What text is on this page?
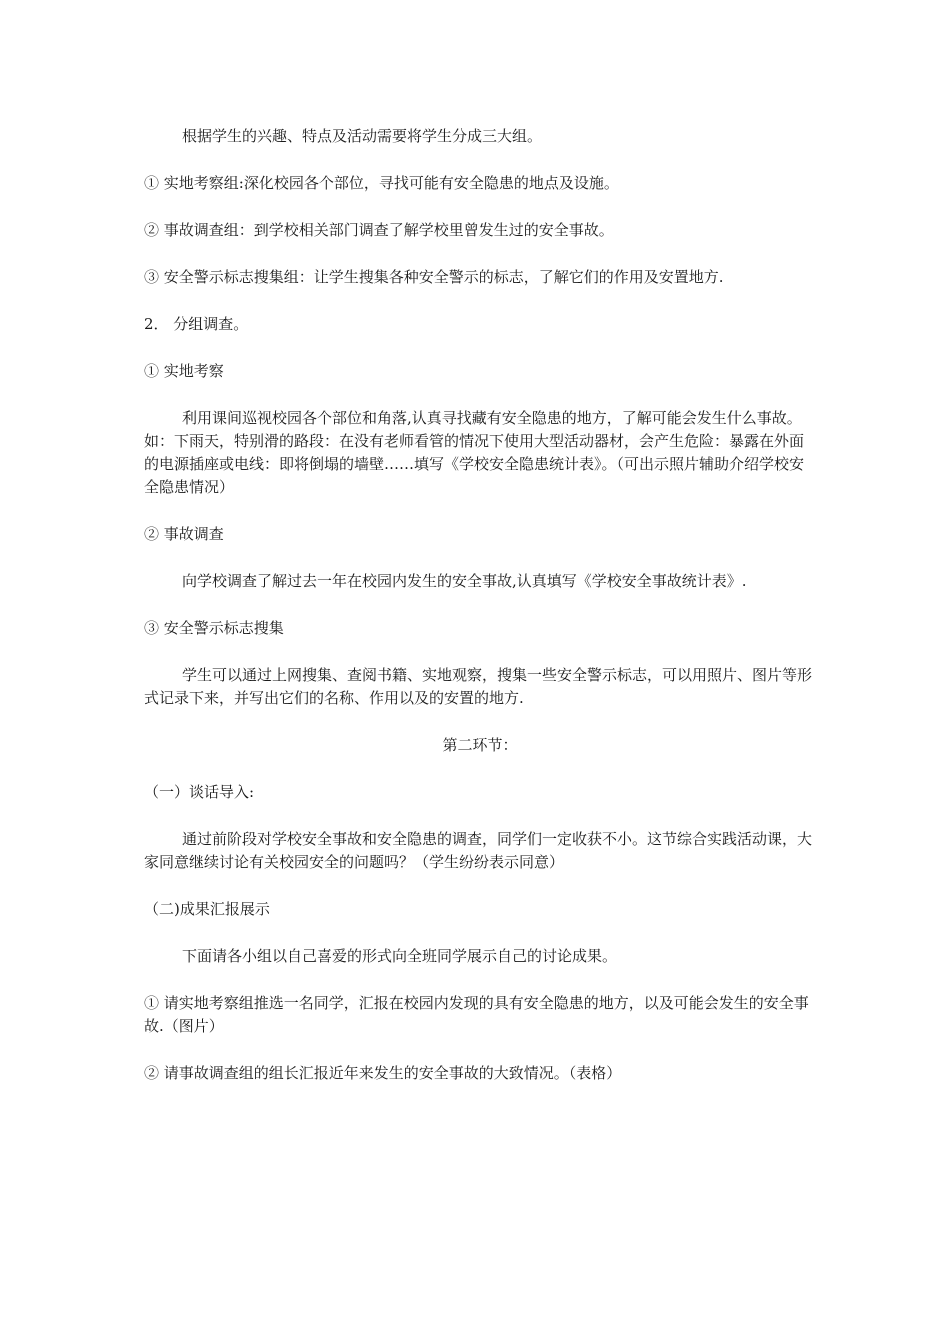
根据学生的兴趣、特点及活动需要将学生分成三大组。

① 实地考察组:深化校园各个部位，寻找可能有安全隐患的地点及设施。

② 事故调查组：到学校相关部门调查了解学校里曾发生过的安全事故。

③ 安全警示标志搜集组：让学生搜集各种安全警示的标志，了解它们的作用及安置地方.

2． 分组调查。

① 实地考察

利用课间巡视校园各个部位和角落,认真寻找藏有安全隐患的地方，了解可能会发生什么事故。如：下雨天，特别滑的路段：在没有老师看管的情况下使用大型活动器材，会产生危险：暴露在外面的电源插座或电线：即将倒塌的墙壁……填写《学校安全隐患统计表》。（可出示照片辅助介绍学校安全隐患情况）

② 事故调查

向学校调查了解过去一年在校园内发生的安全事故,认真填写《学校安全事故统计表》.

③ 安全警示标志搜集

学生可以通过上网搜集、查阅书籍、实地观察，搜集一些安全警示标志，可以用照片、图片等形式记录下来，并写出它们的名称、作用以及的安置的地方.

第二环节：

（一）谈话导入:

通过前阶段对学校安全事故和安全隐患的调查，同学们一定收获不小。这节综合实践活动课，大家同意继续讨论有关校园安全的问题吗？（学生纷纷表示同意）

（二)成果汇报展示

下面请各小组以自己喜爱的形式向全班同学展示自己的讨论成果。

① 请实地考察组推选一名同学，汇报在校园内发现的具有安全隐患的地方，以及可能会发生的安全事故.（图片）

② 请事故调查组的组长汇报近年来发生的安全事故的大致情况。（表格）
